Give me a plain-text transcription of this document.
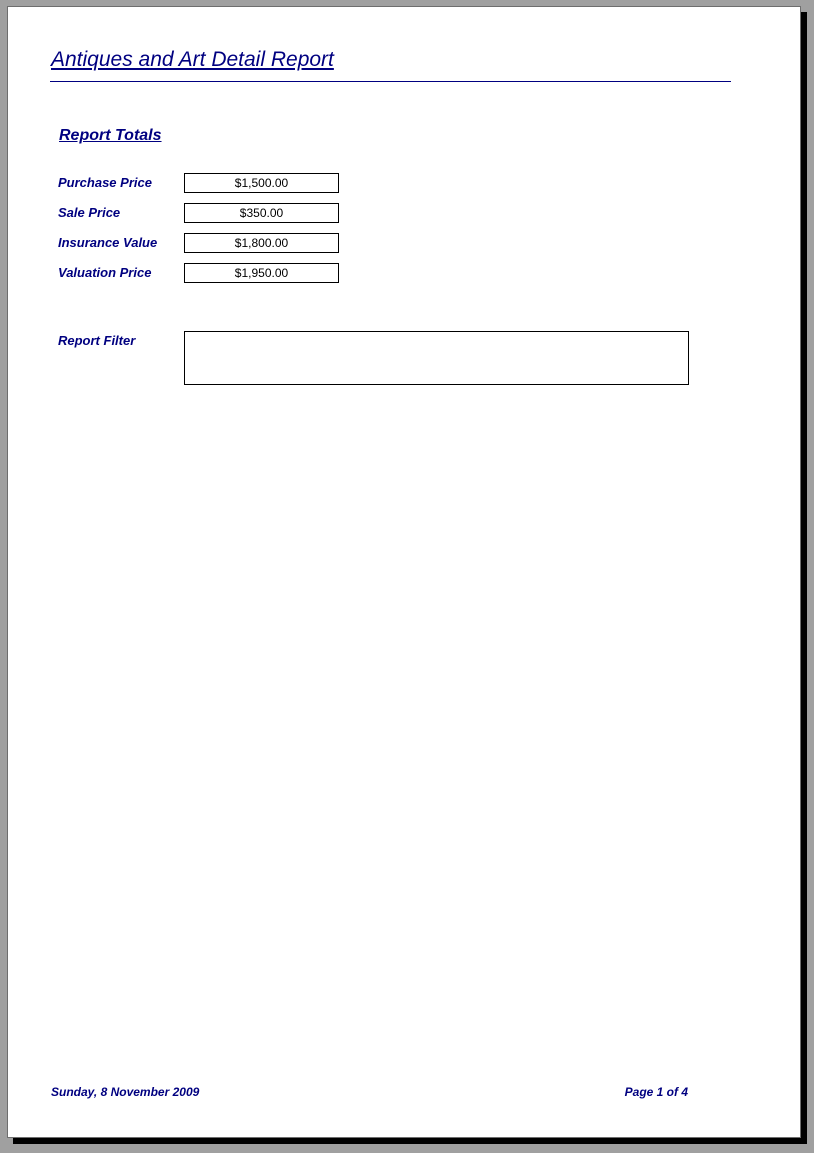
Antiques and Art Detail Report
Report Totals
Purchase Price	$1,500.00
Sale Price	$350.00
Insurance Value	$1,800.00
Valuation Price	$1,950.00
Report Filter
Sunday, 8 November 2009	Page 1 of 4
